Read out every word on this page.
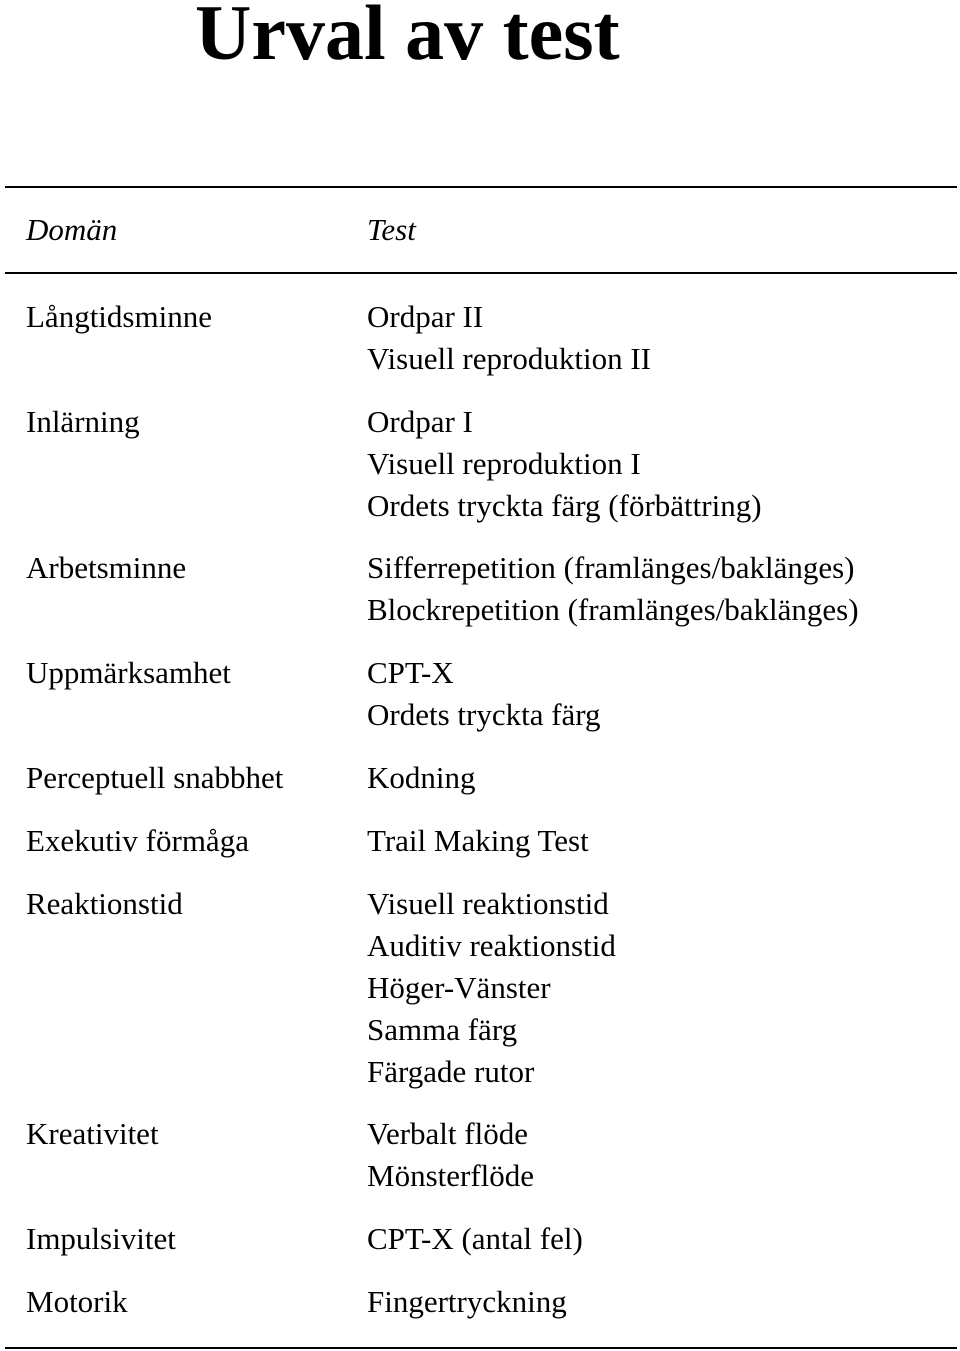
Urval av test
Domän	Test
Långtidsminne	Ordpar II
Visuell reproduktion II
Inlärning	Ordpar I
Visuell reproduktion I
Ordets tryckta färg (förbättring)
Arbetsminne	Sifferrepetition (framlänges/baklänges)
Blockrepetition (framlänges/baklänges)
Uppmärksamhet	CPT-X
Ordets tryckta färg
Perceptuell snabbhet	Kodning
Exekutiv förmåga	Trail Making Test
Reaktionstid	Visuell reaktionstid
Auditiv reaktionstid
Höger-Vänster
Samma färg
Färgade rutor
Kreativitet	Verbalt flöde
Mönsterflöde
Impulsivitet	CPT-X (antal fel)
Motorik	Fingertryckning
